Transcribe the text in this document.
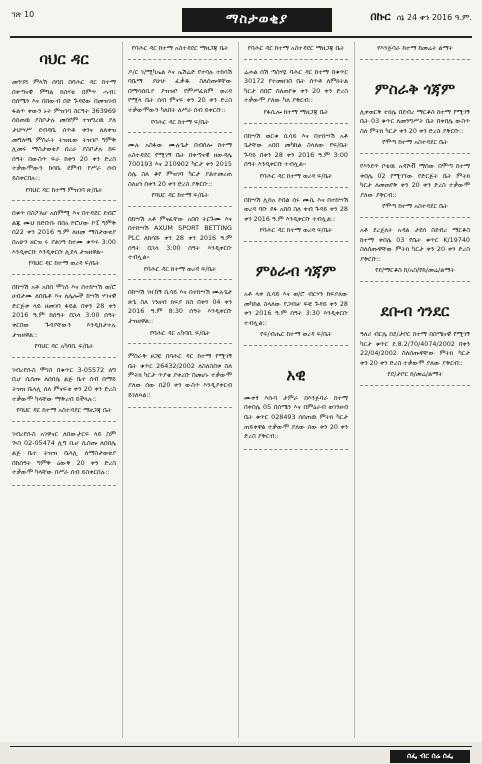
ገጽ 10	ማስታወቂያ	በኩር ሰኔ 24 ቀን 2016 ዓ.ም.
ባህር ዳር
መንገሻ ምላሽ ሰባበ በባሕር ዳር ከተማ በቀጣናዊ ምግል ከስሃቴ በምጥ ሓብ፤ በሰሜን እና በበውብ በድ ጉዳዩው በመዝገብ ፋልጥ ቀውን ኑት ምዝገባ ስርዓት 363969 ሰሰጠዉ ያስቦታሉ መሰየም ተዝግረዉ ያለ ታህሣሥ ደብዳቤ ሰጥቶ ቀንና ለለቀዝ መግለጫ ምስራት ትዝዚው ትዝገቦ ግምቅ ሊመሩ ማስታወቂያ በረራ ያስቦታሉ ከፍ ሰዓት በውስጥ ፍራ ከቀን 20 ቀን ድረስ ተቃውሞውን ከሳቤ ደምብ የሥራ ሰብ ይስቀርበሉ::
የባህር ዳር ከተማ ምዝገባ ጽ/ቤት
በቁጥ በስፖለሆ አሰምሚ እና በተዳደር ደብሮ ልጁ ሙህ ከድቡሱ በበአ ኮሮሆው ኮፒ ግምቅ በ22 ቀን 2016 ዓ.ም ለዘመ ማስታወቂያ በአሁን ዘርዝ ሩ ያልገዓ ከተሙ ቁጥሩ 3:00 እንዲቀርቡ እንዲቀርቡ ሊደላ ታዝዘዋል።
የባህር ዳር ከተማ ወረዳ ፍ/ቤት
በከሣሽ አቶ አበበ ሞገስ እና በተከሣሽ ወ/ሮ ሀብታሙ ለበቤቶ እና ለሌሎች ከሣሽ ሃገናዊ ድርጅቱ ላይ ዘመገባ ፋይል በቀን 28 ቀን 2016 ዓ.ም ከሰዓት በኋላ 3:00 ሰዓት ቀርበው ጉዳያቸውን እንዲከታተሉ ታዝዘዋል::
የባህር ዳር አካባቢ ፍ/ቤት
ገብረየሱስ ሞገስ በቁጥር 3-05572 ለግ ቢሆ ሲሰጡ ለሰበሌ ልጅ ቤተ ሰብ ሰማይ ትዝዝ ቤላሊ ሰለ ምናፍቂ ቀን 20 ቀን ድረስ ተቃውሞ ካላቸው ማቅረብ ይችላሉ::
የባህር ዳር ከተማ አስተዳደር ማዘጋጃ ቤት
ገብረየሱስ አገዋናር ለበውታርፍ ላይ ስም ጐስ 02-05474 ሊግ ቢሆ ሲሰጡ ለሰበሌ ልጅ ቤተ ትዝዝ ቤላሊ ለማስታወቂያ በከሰዓት ግምቅ ዕውቅ 20 ቀን ድረስ ተቃውሞ ካላቸው በሥራ ሰብ ይስቀርበሉ::
የባሕር ዳር ከተማ አስተዳደር ማዘጋጃ ቤት
ዶ/ር ገ/ሚካኤል እና ኤሽሬድ የተባሉ ተከሳሽ ባቤማ ያሁሁ ፈቃዱ ስለሰጡዋቸው በማሳሰቢያ ያዝዝቦ የምሥፈጸም ወረዳ የሚላ ቤት ሰብ ምናፍ ቀን 20 ቀን ድረስ ተቃውሞውን ካለበት ለሥራ ሰብ ይቀርቡ::
የባሕር ዳር ከተማ ፍ/ቤት
ሙሉ አስፋው ሙሉጌታ በብሰሎ ከተማ አስተዳደር የሚገኝ ቤት በቀጣናዊ ዘውዳሌ 700193 እና 210902 ካርታ ቀን 2015 ሰሌ ስለ ቆየ ምዝገባ ካርታ ያልተመረጠ ስለሆነ በቀን 20 ቀን ድረስ ያቅርቡ::
የባህር ዳር ከተማ ፍ/ቤት
በከሣሽ አቶ ምናፈቸው አበበ ትርጉሙ እና በተከሣሽ AXUM SPORT BETTING PLC ለከሳሹ ቀን 28 ቀን 2016 ዓ.ም ሰዓት በኋላ 3:00 ሰዓት እንዲቀርቡ ተብሏል፡፡
የባሕር ዳር ከተማ ወረዳ ፍ/ቤት
በከሣሽ ገዛኸኝ ሲሳይ እና በተከሣሽ ሙሉጌታ ጽጌ ስለ ገንዘብ ክፍያ ክስ በቀን 04 ቀን 2016 ዓ.ም 8:30 ሰዓት እንዲቀርቡ ታዝዘዋል::
የባሕር ዳር አካባቢ ፍ/ቤት
ምስራቅ ፀጋዬ በባሕር ዳር ከተማ የሚገኝ ቤት ቁጥር 26432/2002 ለስለስበቱ ስለ ምትክ ካርታ ጥያቄ ያቀረቡ በመሆኑ ተቃውሞ ያለው ሰው በ20 ቀን ውስጥ እንዲያቀርብ ይገለጻል::
የባሕር ዳር ከተማ አስተዳደር ማዘጋጃ ቤት
ሬሐል ሰሽ ጣስሃዬ ባሕር ዳር ከተማ በቁጥር 30172 የተመዘገበ ቤት ሰጥቶ ለምክትል ካርታ ሰበሮ ሰለጠየቁ ቀን 20 ቀን ድረስ ተቃውሞ ያለው ካለ ያቅርብ::
የፋሲሎ ከተማ ማዘጋጃ ቤት
በከሣሽ ወርቁ ሲሳይ እና በተከሣሽ አቶ ጌታቸው አበበ መካከል ስላለው የፍ/ቤት ጉዳይ በቀን 28 ቀን 2016 ዓ.ም 3:00 ሰዓት እንዲቀርቡ ተብሏል።
የባሕር ዳር ከተማ ወረዳ ፍ/ቤት
በከሣሽ ሊከአ ኮበል ሰሩ ሙሴ እና በተከሣሽ ወረዳ ባቡ ደፋ አበበ ስለ ቀብ ጉዳይ ቀን 28 ቀን 2016 ዓ.ም እንዲቀርቡ ተብሏል::
የባሕር ዳር ከተማ ወረዳ ፍ/ቤት
ምዕራብ ጎጃም
አቶ ላቀ ሲሳይ እና ወ/ሮ ብርሃን ከፍያለው መካከል ስላለው የጋብቻ ፍቺ ጉዳይ ቀን 28 ቀን 2016 ዓ.ም ሰዓት 3:30 እንዲቀርቡ ተብሏል::
የፍ/ብሔር ከተማ ወረዳ ፍ/ቤት
አዊ
ሙቀፃ እሱባ ታምራ በእንጅባራ ከተማ በቀበሌ 05 በሰሜን እና በምዕራብ ወገንዘብ ቤት ቁጥር 028493 ሰሰጠዉ ምትክ ካርታ ጠይቀዋል ተቃውሞ ያለው ሰው ቀን 20 ቀን ድረስ ያቅርብ::
የእንጅባራ ከተማ ከመሬት ልማት
ምስራቅ ጎጃም
ሊቀወርቅ ተክሌ በደብረ ማርቆስ ከተማ የሚገኝ ቤት 03 ቁጥር ለመንግሥት ቤት በቀበሌ ውስጥ ስለ ምትክ ካርታ ቀን 20 ቀን ድረስ ያቅርቡ::
የሞጣ ከተማ አስተዳደር ቤት
የእንደጥ ቦቴዉ አዳሾቭ ማሰው በሞጣ ከተማ ቀበሌ 02 የሚገኘው የድርጅት ቤት ምትክ ካርታ ለመጠየቅ ቀን 20 ቀን ድረስ ተቃውሞ ያለው ያቅርብ::
የሞጣ ከተማ አስተዳደር ቤት
አቶ ደረጄለት አዳል ታደሰ በደብረ ማርቆስ ከተማ ቀበሌ 03 የቤት ቁጥር K/19740 ስለሰጡዋቸው ምትክ ካርታ ቀን 20 ቀን ድረስ ያቅርቡ::
የደ/ማርቆስ ከ/አስ/የከ/መሬ/ልማት
ደቡብ ጎንደር
ዓለሪ ብርሌ በደ/ታቦር ከተማ በሰሜናዊ የሚገኝ ካርታ ቁጥር ደ.8.2/70/4074/2002 በቀን 22/04/2002 ስለሰጡዋቸው ምትክ ካርታ ቀን 20 ቀን ድረስ ተቃውሞ ያለው ያቅርብ::
የደ/ታቦር ከ/መሬ/ልማት
ሰፌ ብር ሰሬ ሰፌ
